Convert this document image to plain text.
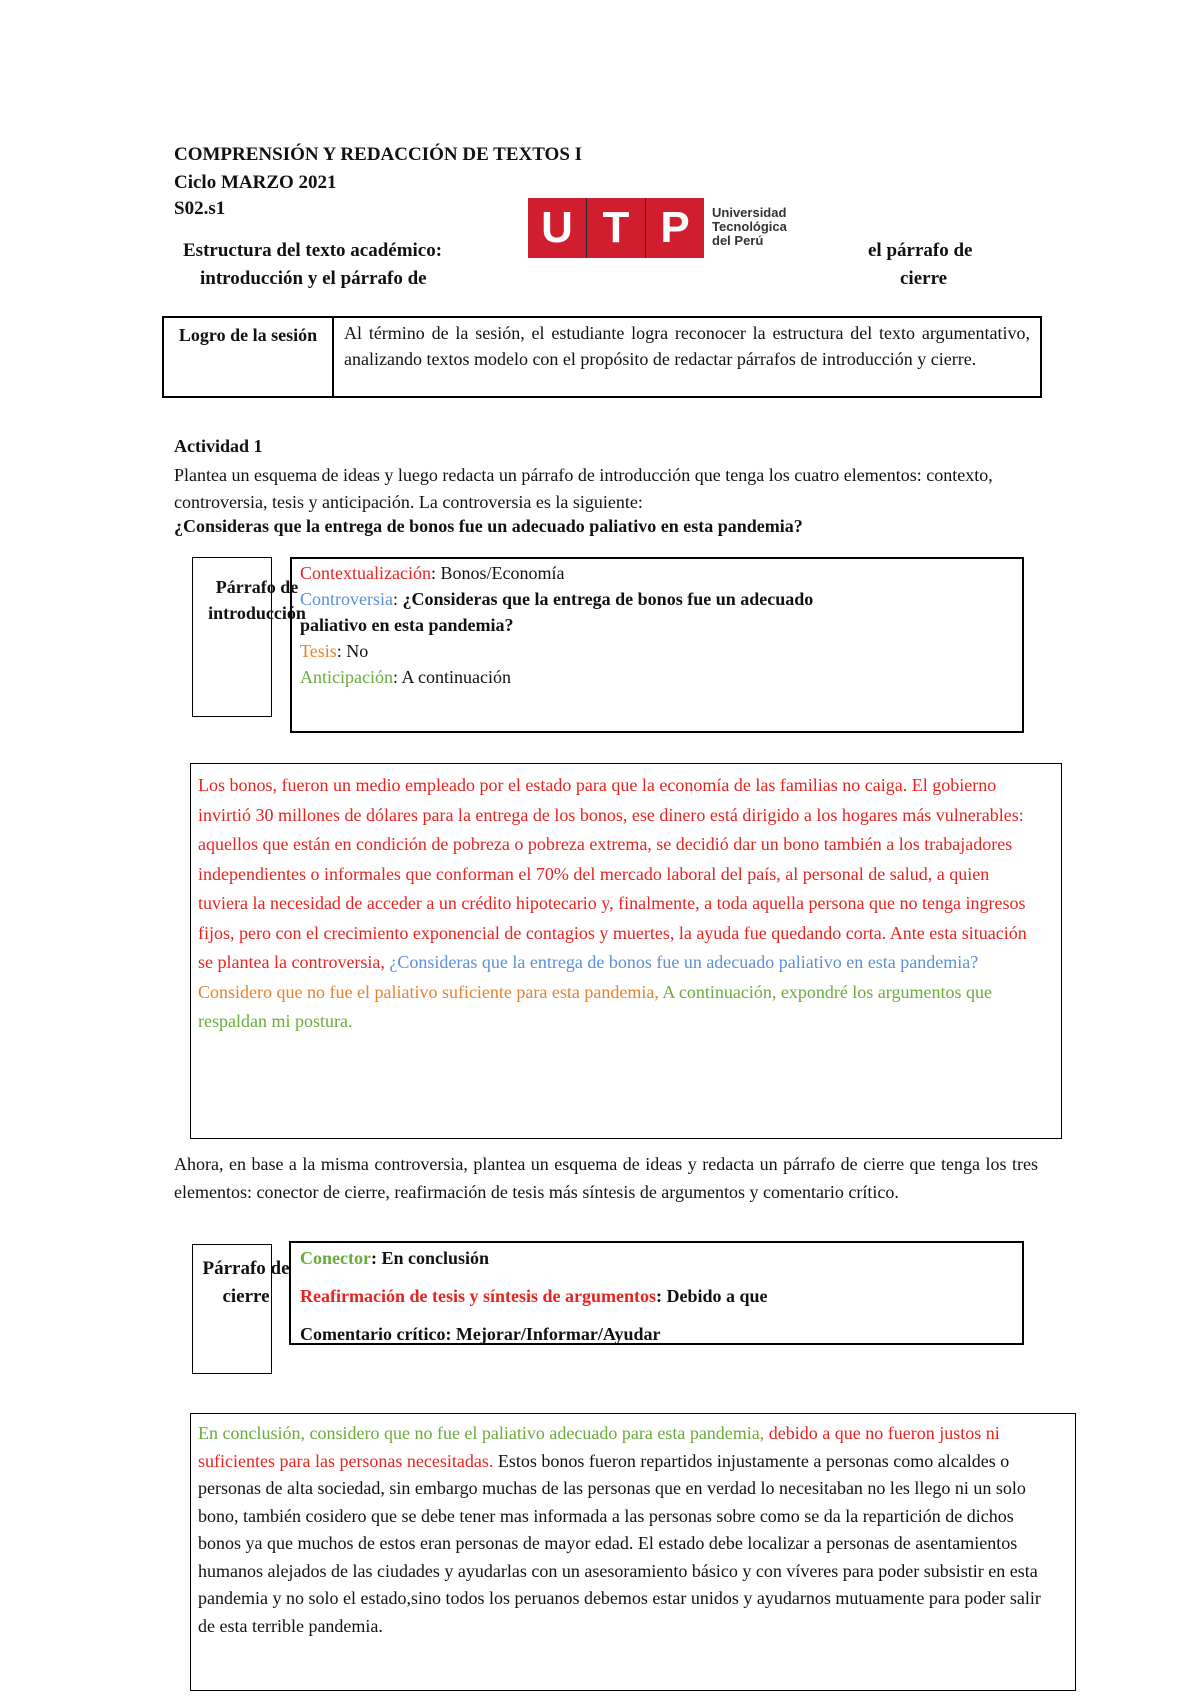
COMPRENSIÓN Y REDACCIÓN DE TEXTOS I
Ciclo MARZO 2021
S02.s1
Estructura del texto académico:
introducción y el párrafo de
el párrafo de
cierre
U T P	Universidad
Tecnológica
del Perú
Logro de la sesión	Al término de la sesión, el estudiante logra reconocer la estructura del texto argumentativo, analizando textos modelo con el propósito de redactar párrafos de introducción y cierre.
Actividad 1
Plantea un esquema de ideas y luego redacta un párrafo de introducción que tenga los cuatro elementos: contexto, controversia, tesis y anticipación. La controversia es la siguiente:
¿Consideras que la entrega de bonos fue un adecuado paliativo en esta pandemia?
Párrafo de introducción
Contextualización: Bonos/Economía
Controversia: ¿Consideras que la entrega de bonos fue un adecuado
paliativo en esta pandemia?
Tesis: No
Anticipación: A continuación

Los bonos, fueron un medio empleado por el estado para que la economía de las familias no caiga. El gobierno invirtió 30 millones de dólares para la entrega de los bonos, ese dinero está dirigido a los hogares más vulnerables: aquellos que están en condición de pobreza o pobreza extrema, se decidió dar un bono también a los trabajadores independientes o informales que conforman el 70% del mercado laboral del país, al personal de salud, a quien tuviera la necesidad de acceder a un crédito hipotecario y, finalmente, a toda aquella persona que no tenga ingresos fijos, pero con el crecimiento exponencial de contagios y muertes, la ayuda fue quedando corta. Ante esta situación se plantea la controversia, ¿Consideras que la entrega de bonos fue un adecuado paliativo en esta pandemia? Considero que no fue el paliativo suficiente para esta pandemia, A continuación, expondré los argumentos que respaldan mi postura.

Ahora, en base a la misma controversia, plantea un esquema de ideas y redacta un párrafo de cierre que tenga los tres elementos: conector de cierre, reafirmación de tesis más síntesis de argumentos y comentario crítico.
Párrafo de cierre
Conector: En conclusión
Reafirmación de tesis y síntesis de argumentos: Debido a que
Comentario crítico: Mejorar/Informar/Ayudar

En conclusión, considero que no fue el paliativo adecuado para esta pandemia, debido a que no fueron justos ni suficientes para las personas necesitadas. Estos bonos fueron repartidos injustamente a personas como alcaldes o personas de alta sociedad, sin embargo muchas de las personas que en verdad lo necesitaban no les llego ni un solo bono, también cosidero que se debe tener mas informada a las personas sobre como se da la repartición de dichos bonos ya que muchos de estos eran personas de mayor edad. El estado debe localizar a personas de asentamientos humanos alejados de las ciudades y ayudarlas con un asesoramiento básico y con víveres para poder subsistir en esta pandemia y no solo el estado,sino todos los peruanos debemos estar unidos y ayudarnos mutuamente para poder salir de esta terrible pandemia.
